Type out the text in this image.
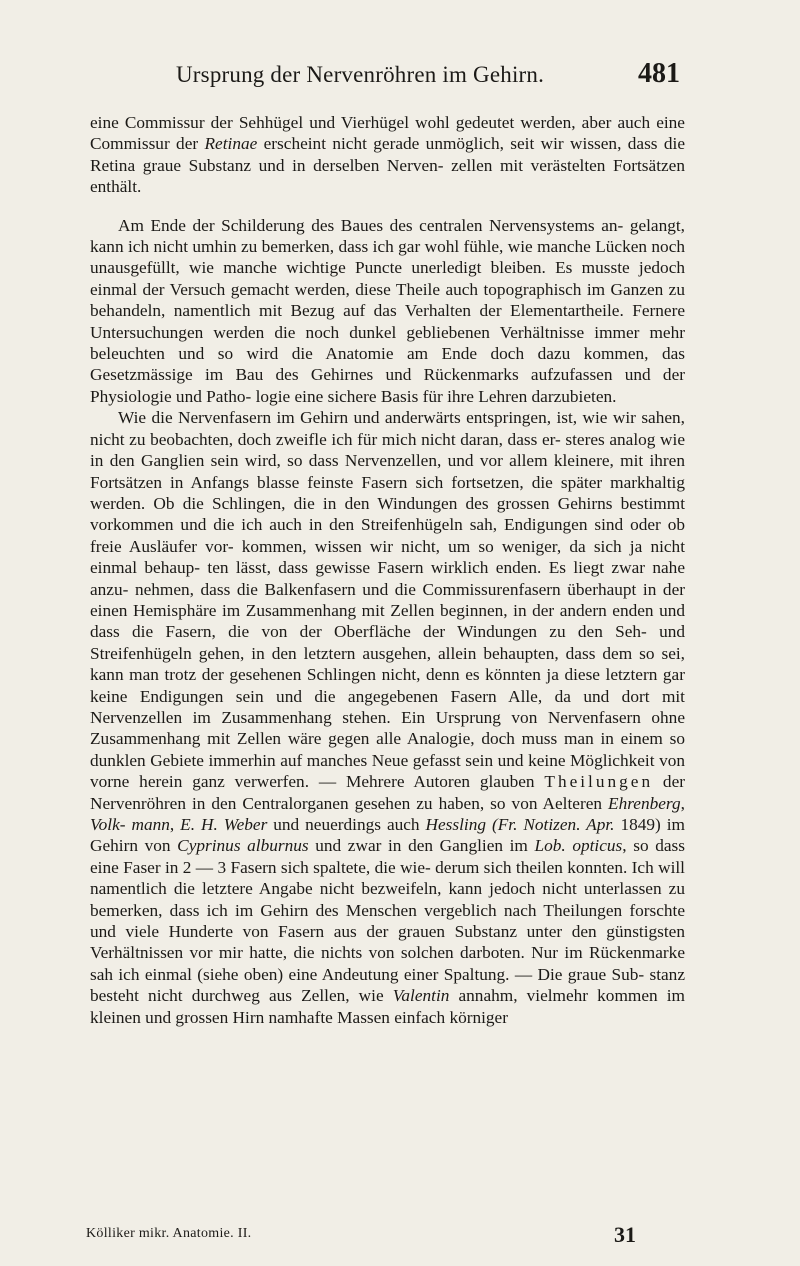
Ursprung der Nervenröhren im Gehirn.	481

eine Commissur der Sehhügel und Vierhügel wohl gedeutet werden, aber auch eine Commissur der Retinae erscheint nicht gerade unmöglich, seit wir wissen, dass die Retina graue Substanz und in derselben Nerven- zellen mit verästelten Fortsätzen enthält.

Am Ende der Schilderung des Baues des centralen Nervensystems an- gelangt, kann ich nicht umhin zu bemerken, dass ich gar wohl fühle, wie manche Lücken noch unausgefüllt, wie manche wichtige Puncte unerledigt bleiben. Es musste jedoch einmal der Versuch gemacht werden, diese Theile auch topographisch im Ganzen zu behandeln, namentlich mit Bezug auf das Verhalten der Elementartheile. Fernere Untersuchungen werden die noch dunkel gebliebenen Verhältnisse immer mehr beleuchten und so wird die Anatomie am Ende doch dazu kommen, das Gesetzmässige im Bau des Gehirnes und Rückenmarks aufzufassen und der Physiologie und Patho- logie eine sichere Basis für ihre Lehren darzubieten.

Wie die Nervenfasern im Gehirn und anderwärts entspringen, ist, wie wir sahen, nicht zu beobachten, doch zweifle ich für mich nicht daran, dass er- steres analog wie in den Ganglien sein wird, so dass Nervenzellen, und vor allem kleinere, mit ihren Fortsätzen in Anfangs blasse feinste Fasern sich fortsetzen, die später markhaltig werden. Ob die Schlingen, die in den Windungen des grossen Gehirns bestimmt vorkommen und die ich auch in den Streifenhügeln sah, Endigungen sind oder ob freie Ausläufer vor- kommen, wissen wir nicht, um so weniger, da sich ja nicht einmal behaup- ten lässt, dass gewisse Fasern wirklich enden. Es liegt zwar nahe anzu- nehmen, dass die Balkenfasern und die Commissurenfasern überhaupt in der einen Hemisphäre im Zusammenhang mit Zellen beginnen, in der andern enden und dass die Fasern, die von der Oberfläche der Windungen zu den Seh- und Streifenhügeln gehen, in den letztern ausgehen, allein behaupten, dass dem so sei, kann man trotz der gesehenen Schlingen nicht, denn es könnten ja diese letztern gar keine Endigungen sein und die angegebenen Fasern Alle, da und dort mit Nervenzellen im Zusammenhang stehen. Ein Ursprung von Nervenfasern ohne Zusammenhang mit Zellen wäre gegen alle Analogie, doch muss man in einem so dunklen Gebiete immerhin auf manches Neue gefasst sein und keine Möglichkeit von vorne herein ganz verwerfen. — Mehrere Autoren glauben Theilungen der Nervenröhren in den Centralorganen gesehen zu haben, so von Aelteren Ehrenberg, Volk- mann, E. H. Weber und neuerdings auch Hessling (Fr. Notizen. Apr. 1849) im Gehirn von Cyprinus alburnus und zwar in den Ganglien im Lob. opticus, so dass eine Faser in 2 — 3 Fasern sich spaltete, die wie- derum sich theilen konnten. Ich will namentlich die letztere Angabe nicht bezweifeln, kann jedoch nicht unterlassen zu bemerken, dass ich im Gehirn des Menschen vergeblich nach Theilungen forschte und viele Hunderte von Fasern aus der grauen Substanz unter den günstigsten Verhältnissen vor mir hatte, die nichts von solchen darboten. Nur im Rückenmarke sah ich einmal (siehe oben) eine Andeutung einer Spaltung. — Die graue Sub- stanz besteht nicht durchweg aus Zellen, wie Valentin annahm, vielmehr kommen im kleinen und grossen Hirn namhafte Massen einfach körniger

Kölliker mikr. Anatomie. II.	31
